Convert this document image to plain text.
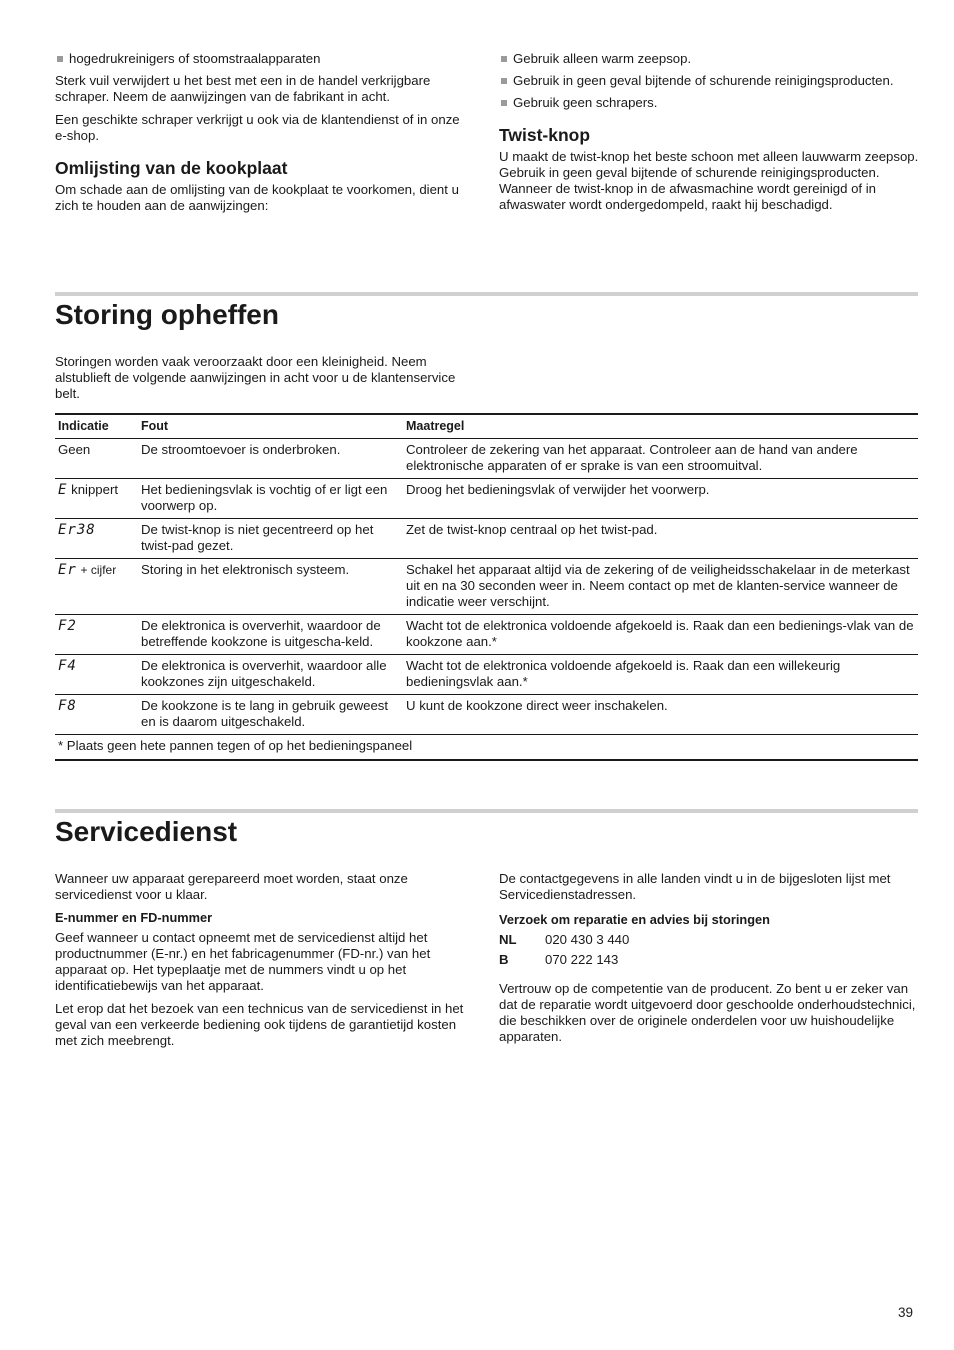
hogedrukreinigers of stoomstraalapparaten

Sterk vuil verwijdert u het best met een in de handel verkrijgbare schraper. Neem de aanwijzingen van de fabrikant in acht.

Een geschikte schraper verkrijgt u ook via de klantendienst of in onze e-shop.

Omlijsting van de kookplaat

Om schade aan de omlijsting van de kookplaat te voorkomen, dient u zich te houden aan de aanwijzingen:

Gebruik alleen warm zeepsop.
Gebruik in geen geval bijtende of schurende reinigingsproducten.
Gebruik geen schrapers.
Twist-knop

U maakt de twist-knop het beste schoon met alleen lauwwarm zeepsop. Gebruik in geen geval bijtende of schurende reinigingsproducten. Wanneer de twist-knop in de afwasmachine wordt gereinigd of in afwaswater wordt ondergedompeld, raakt hij beschadigd.

Storing opheffen

Storingen worden vaak veroorzaakt door een kleinigheid. Neem alstublieft de volgende aanwijzingen in acht voor u de klantenservice belt.

Indicatie	Fout	Maatregel
Geen	De stroomtoevoer is onderbroken.	Controleer de zekering van het apparaat. Controleer aan de hand van andere elektronische apparaten of er sprake is van een stroomuitval.
E knippert	Het bedieningsvlak is vochtig of er ligt een voorwerp op.	Droog het bedieningsvlak of verwijder het voorwerp.
Er38	De twist-knop is niet gecentreerd op het twist-pad gezet.	Zet de twist-knop centraal op het twist-pad.
Er + cijfer	Storing in het elektronisch systeem.	Schakel het apparaat altijd via de zekering of de veiligheidsschakelaar in de meterkast uit en na 30 seconden weer in. Neem contact op met de klanten-service wanneer de indicatie weer verschijnt.
F2	De elektronica is oververhit, waardoor de betreffende kookzone is uitgescha-keld.	Wacht tot de elektronica voldoende afgekoeld is. Raak dan een bedienings-vlak van de kookzone aan.*
F4	De elektronica is oververhit, waardoor alle kookzones zijn uitgeschakeld.	Wacht tot de elektronica voldoende afgekoeld is. Raak dan een willekeurig bedieningsvlak aan.*
F8	De kookzone is te lang in gebruik geweest en is daarom uitgeschakeld.	U kunt de kookzone direct weer inschakelen.
* Plaats geen hete pannen tegen of op het bedieningspaneel		
Servicedienst

Wanneer uw apparaat gerepareerd moet worden, staat onze servicedienst voor u klaar.

E-nummer en FD-nummer

Geef wanneer u contact opneemt met de servicedienst altijd het productnummer (E-nr.) en het fabricagenummer (FD-nr.) van het apparaat op. Het typeplaatje met de nummers vindt u op het identificatiebewijs van het apparaat.

Let erop dat het bezoek van een technicus van de servicedienst in het geval van een verkeerde bediening ook tijdens de garantietijd kosten met zich meebrengt.

De contactgegevens in alle landen vindt u in de bijgesloten lijst met Servicedienstadressen.

Verzoek om reparatie en advies bij storingen
NL	020 430 3 440
B	070 222 143

Vertrouw op de competentie van de producent. Zo bent u er zeker van dat de reparatie wordt uitgevoerd door geschoolde onderhoudstechnici, die beschikken over de originele onderdelen voor uw huishoudelijke apparaten.

39
